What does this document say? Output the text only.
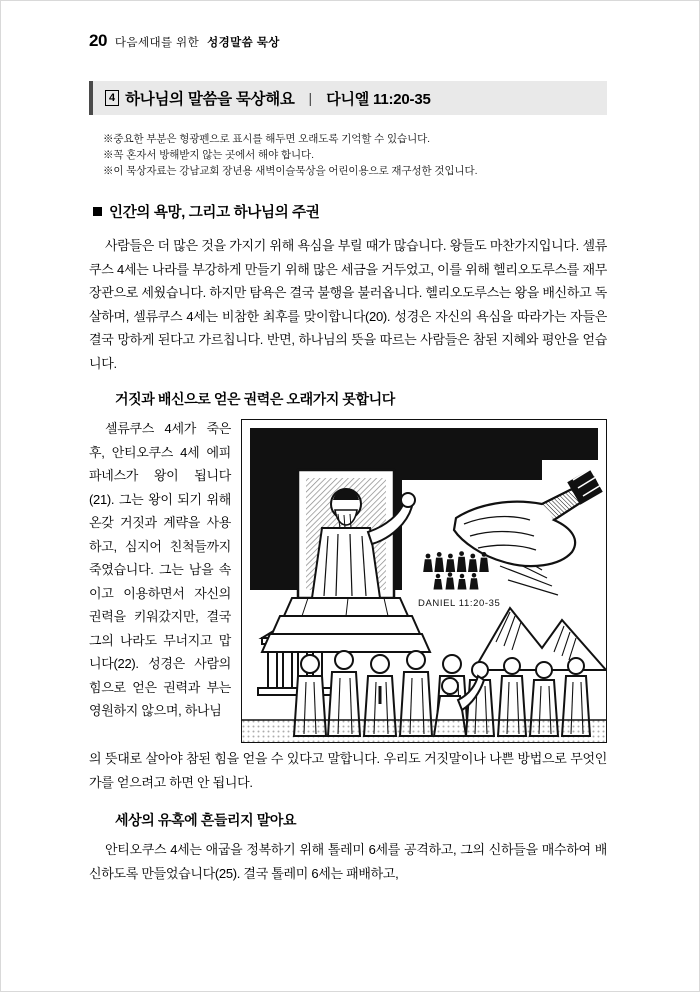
20 다음세대를 위한 성경말씀 묵상
4 하나님의 말씀을 묵상해요 | 다니엘 11:20-35
※중요한 부분은 형광펜으로 표시를 해두면 오래도록 기억할 수 있습니다.
※꼭 혼자서 방해받지 않는 곳에서 해야 합니다.
※이 묵상자료는 강남교회 장년용 새벽이슬묵상을 어린이용으로 재구성한 것입니다.
인간의 욕망, 그리고 하나님의 주권

사람들은 더 많은 것을 가지기 위해 욕심을 부릴 때가 많습니다. 왕들도 마찬가지입니다. 셀류쿠스 4세는 나라를 부강하게 만들기 위해 많은 세금을 거두었고, 이를 위해 헬리오도루스를 재무장관으로 세웠습니다. 하지만 탐욕은 결국 불행을 불러옵니다. 헬리오도루스는 왕을 배신하고 독살하며, 셀류쿠스 4세는 비참한 최후를 맞이합니다(20). 성경은 자신의 욕심을 따라가는 자들은 결국 망하게 된다고 가르칩니다. 반면, 하나님의 뜻을 따르는 사람들은 참된 지혜와 평안을 얻습니다.

거짓과 배신으로 얻은 권력은 오래가지 못합니다
DANIEL 11:20-35

셀류쿠스 4세가 죽은 후, 안티오쿠스 4세 에피파네스가 왕이 됩니다(21). 그는 왕이 되기 위해 온갖 거짓과 계략을 사용하고, 심지어 친척들까지 죽였습니다. 그는 남을 속이고 이용하면서 자신의 권력을 키워갔지만, 결국 그의 나라도 무너지고 맙니다(22). 성경은 사람의 힘으로 얻은 권력과 부는 영원하지 않으며, 하나님

의 뜻대로 살아야 참된 힘을 얻을 수 있다고 말합니다. 우리도 거짓말이나 나쁜 방법으로 무엇인가를 얻으려고 하면 안 됩니다.

세상의 유혹에 흔들리지 말아요

안티오쿠스 4세는 애굽을 정복하기 위해 톨레미 6세를 공격하고, 그의 신하들을 매수하여 배신하도록 만들었습니다(25). 결국 톨레미 6세는 패배하고,
